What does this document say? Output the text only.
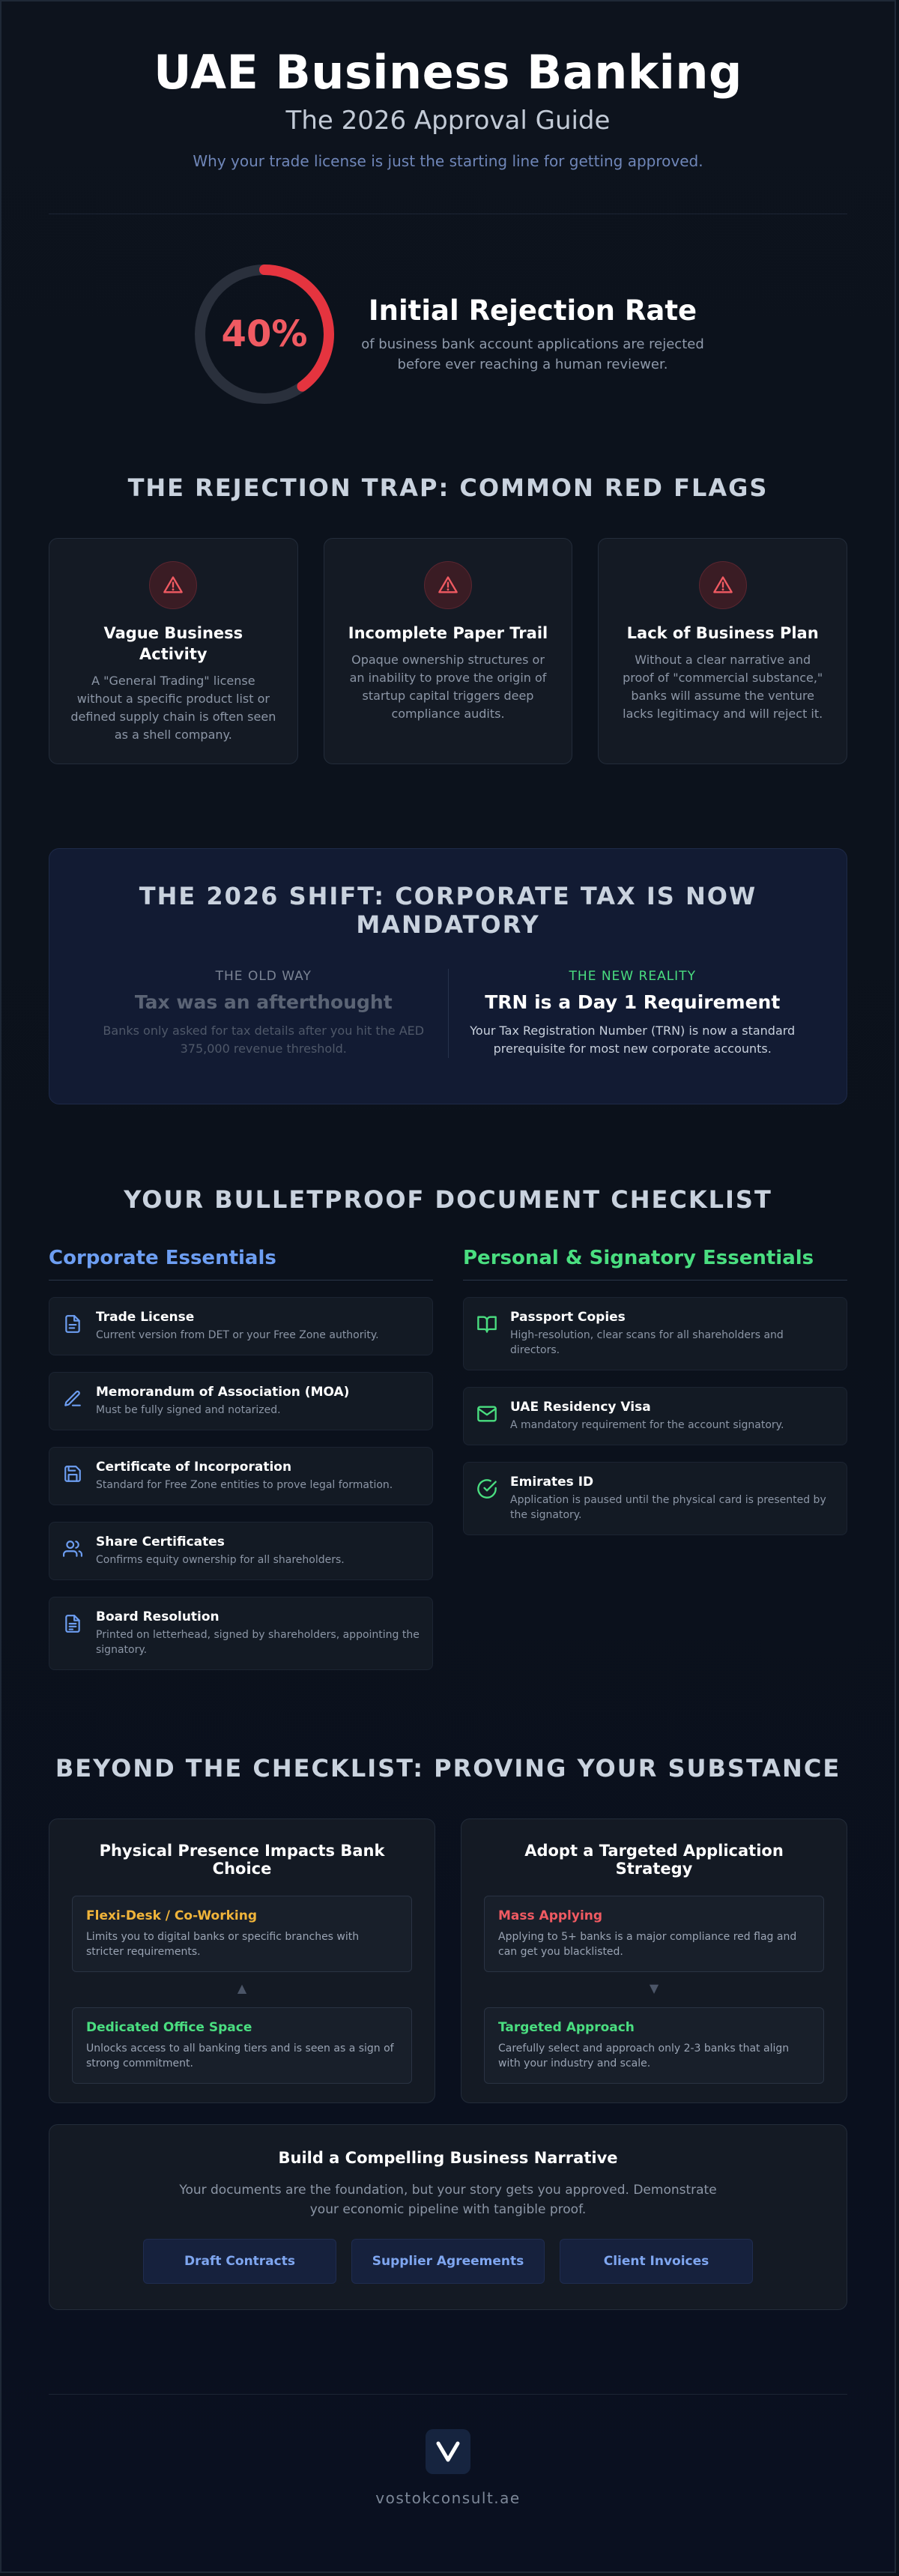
UAE Business Banking
The 2026 Approval Guide
Why your trade license is just the starting line for getting approved.
40%
Initial Rejection Rate
of business bank account applications are rejected before ever reaching a human reviewer.
THE REJECTION TRAP: COMMON RED FLAGS
Vague Business Activity
A "General Trading" license without a specific product list or defined supply chain is often seen as a shell company.
Incomplete Paper Trail
Opaque ownership structures or an inability to prove the origin of startup capital triggers deep compliance audits.
Lack of Business Plan
Without a clear narrative and proof of "commercial substance," banks will assume the venture lacks legitimacy and will reject it.
THE 2026 SHIFT: CORPORATE TAX IS NOW MANDATORY
THE OLD WAY
Tax was an afterthought
Banks only asked for tax details after you hit the AED 375,000 revenue threshold.
THE NEW REALITY
TRN is a Day 1 Requirement
Your Tax Registration Number (TRN) is now a standard prerequisite for most new corporate accounts.
YOUR BULLETPROOF DOCUMENT CHECKLIST
Corporate Essentials
Trade License
Current version from DET or your Free Zone authority.
Memorandum of Association (MOA)
Must be fully signed and notarized.
Certificate of Incorporation
Standard for Free Zone entities to prove legal formation.
Share Certificates
Confirms equity ownership for all shareholders.
Board Resolution
Printed on letterhead, signed by shareholders, appointing the signatory.
Personal & Signatory Essentials
Passport Copies
High-resolution, clear scans for all shareholders and directors.
UAE Residency Visa
A mandatory requirement for the account signatory.
Emirates ID
Application is paused until the physical card is presented by the signatory.
BEYOND THE CHECKLIST: PROVING YOUR SUBSTANCE
Physical Presence Impacts Bank Choice
Flexi-Desk / Co-Working
Limits you to digital banks or specific branches with stricter requirements.
▲
Dedicated Office Space
Unlocks access to all banking tiers and is seen as a sign of strong commitment.
Adopt a Targeted Application Strategy
Mass Applying
Applying to 5+ banks is a major compliance red flag and can get you blacklisted.
▼
Targeted Approach
Carefully select and approach only 2-3 banks that align with your industry and scale.
Build a Compelling Business Narrative
Your documents are the foundation, but your story gets you approved. Demonstrate your economic pipeline with tangible proof.
Draft Contracts	Supplier Agreements	Client Invoices
vostokconsult.ae
